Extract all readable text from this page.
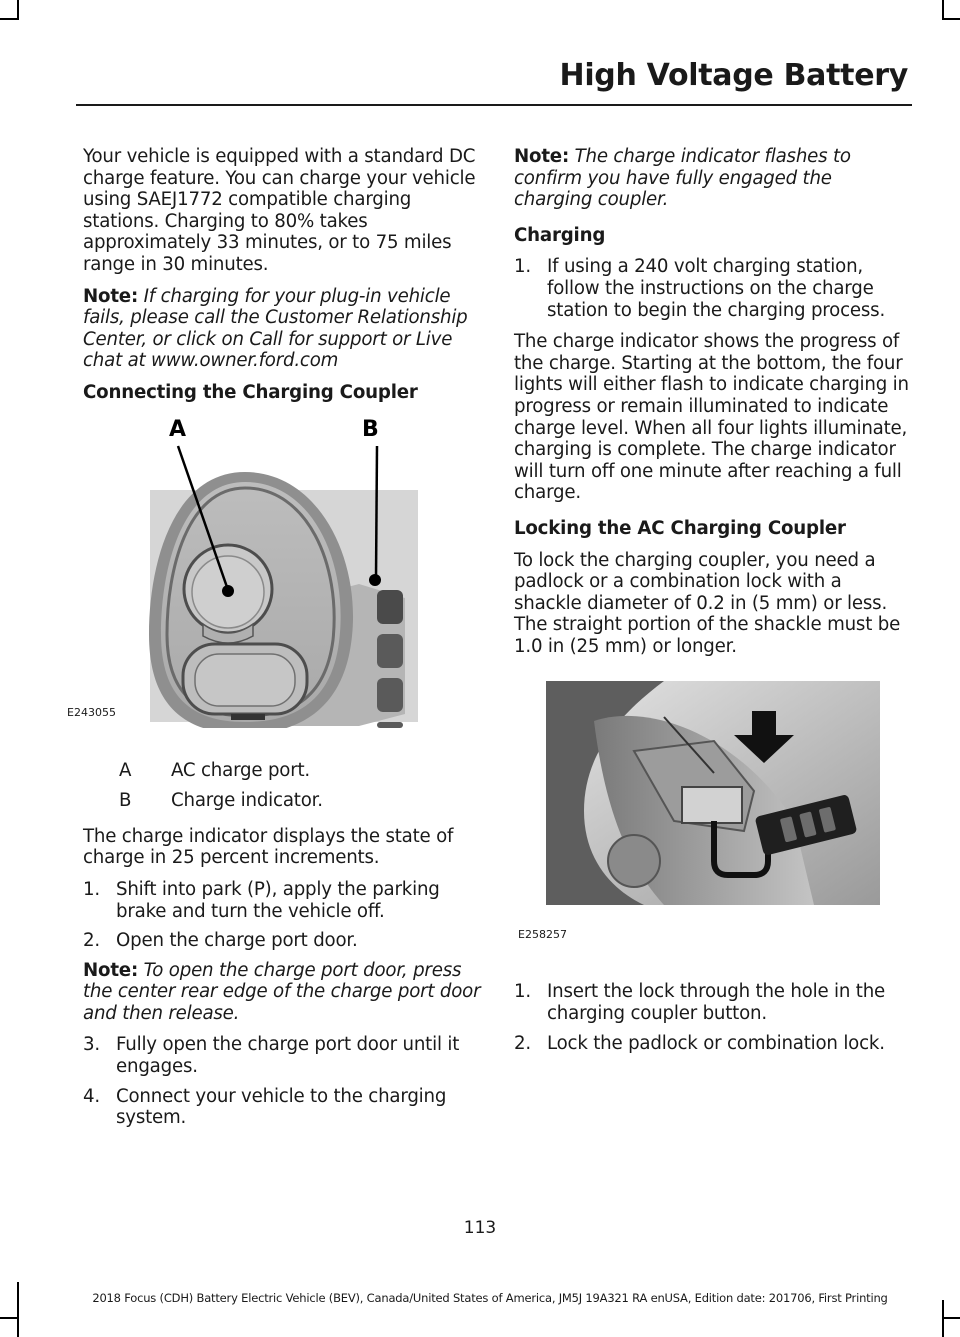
High Voltage Battery

Your vehicle is equipped with a standard DC charge feature. You can charge your vehicle using SAEJ1772 compatible charging stations. Charging to 80% takes approximately 33 minutes, or to 75 miles range in 30 minutes.

Note: If charging for your plug-in vehicle fails, please call the Customer Relationship Center, or click on Call for support or Live chat at www.owner.ford.com

Connecting the Charging Coupler

A	B
E243055
A	AC charge port.
B	Charge indicator.

The charge indicator displays the state of charge in 25 percent increments.

1. Shift into park (P), apply the parking brake and turn the vehicle off.
2. Open the charge port door.

Note: To open the charge port door, press the center rear edge of the charge port door and then release.

3. Fully open the charge port door until it engages.
4. Connect your vehicle to the charging system.

Note: The charge indicator flashes to confirm you have fully engaged the charging coupler.

Charging

1. If using a 240 volt charging station, follow the instructions on the charge station to begin the charging process.

The charge indicator shows the progress of the charge. Starting at the bottom, the four lights will either flash to indicate charging in progress or remain illuminated to indicate charge level. When all four lights illuminate, charging is complete. The charge indicator will turn off one minute after reaching a full charge.

Locking the AC Charging Coupler

To lock the charging coupler, you need a padlock or a combination lock with a shackle diameter of 0.2 in (5 mm) or less. The straight portion of the shackle must be 1.0 in (25 mm) or longer.

E258257
1. Insert the lock through the hole in the charging coupler button.
2. Lock the padlock or combination lock.
113
2018 Focus (CDH) Battery Electric Vehicle (BEV), Canada/United States of America, JM5J 19A321 RA enUSA, Edition date: 201706, First Printing
